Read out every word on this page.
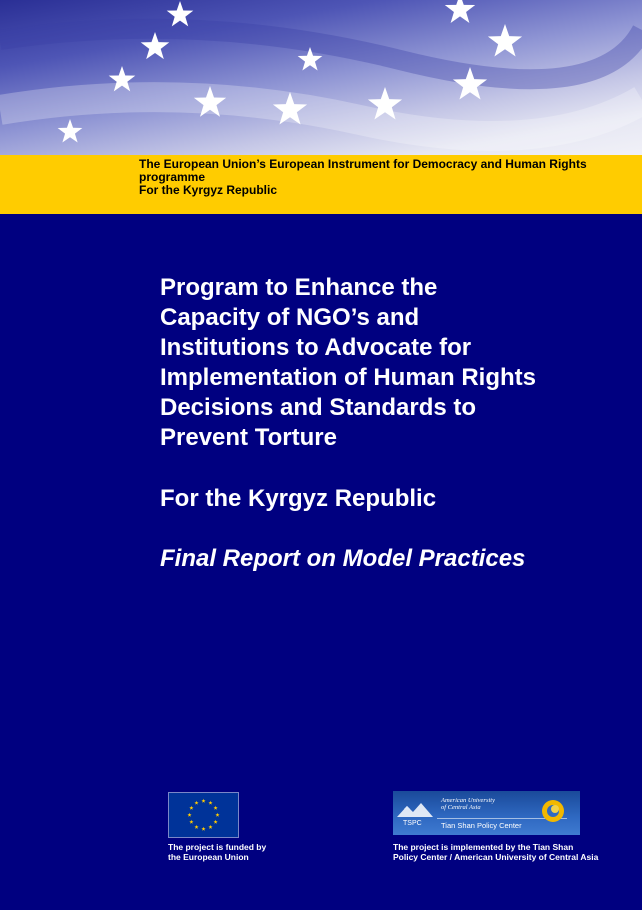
The European Union’s European Instrument for Democracy and Human Rights
programme
For the Kyrgyz Republic
Program to Enhance the
Capacity of NGO’s and
Institutions to Advocate for
Implementation of Human Rights
Decisions and Standards to
Prevent Torture
For the Kyrgyz Republic
Final Report on Model Practices
The project is funded by
the European Union
American University
of Central Asia
TSPC	Tian Shan Policy Center
The project is implemented by the Tian Shan
Policy Center / American University of Central Asia
